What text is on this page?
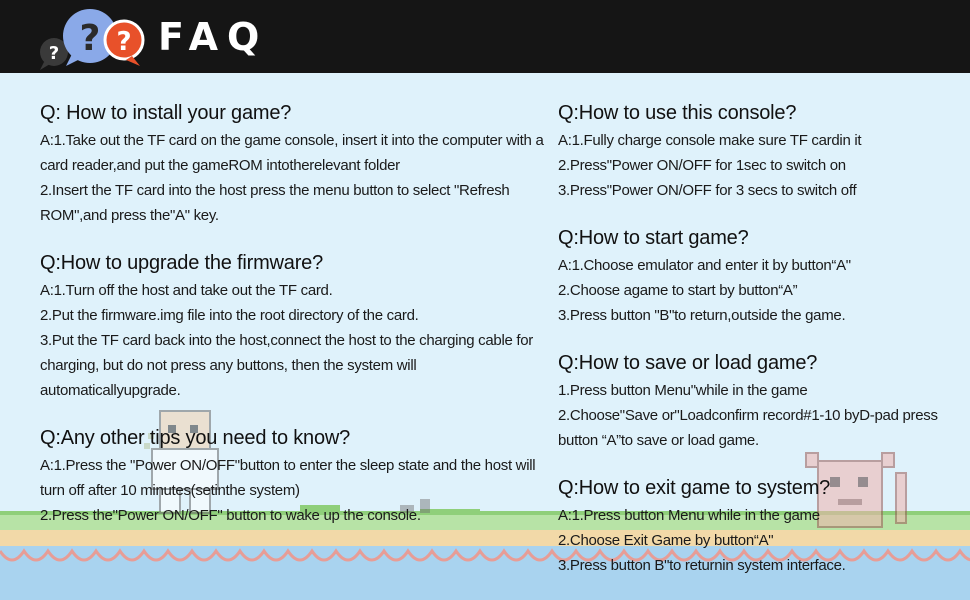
? ? ? FAQ

Q: How to install your game?

A:1.Take out the TF card on the game console, insert it into the computer with a card reader,and put the gameROM intotherelevant folder

2.Insert the TF card into the host press the menu button to select "Refresh ROM",and press the"A" key.

Q:How to upgrade the firmware?

A:1.Turn off the host and take out the TF card.

2.Put the firmware.img file into the root directory of the card.

3.Put the TF card back into the host,connect the host to the charging cable for charging, but do not press any buttons, then the system will automaticallyupgrade.

Q:Any other tips you need to know?

A:1.Press the "Power ON/OFF"button to enter the sleep state and the host will turn off after 10 minutes(setinthe system)

2.Press the"Power ON/OFF" button to wake up the console.

Q:How to use this console?

A:1.Fully charge console make sure TF cardin it

2.Press"Power ON/OFF for 1sec to switch on

3.Press"Power ON/OFF for 3 secs to switch off

Q:How to start game?

A:1.Choose emulator and enter it by button“A"

2.Choose agame to start by button“A”

3.Press button "B"to return,outside the game.

Q:How to save or load game?

1.Press button Menu"while in the game

2.Choose"Save or"Loadconfirm record#1-10 byD-pad press button “A”to save or load game.

Q:How to exit game to system?

A:1.Press button Menu while in the game

2.Choose Exit Game by button“A"

3.Press button B"to returnin system interface.
